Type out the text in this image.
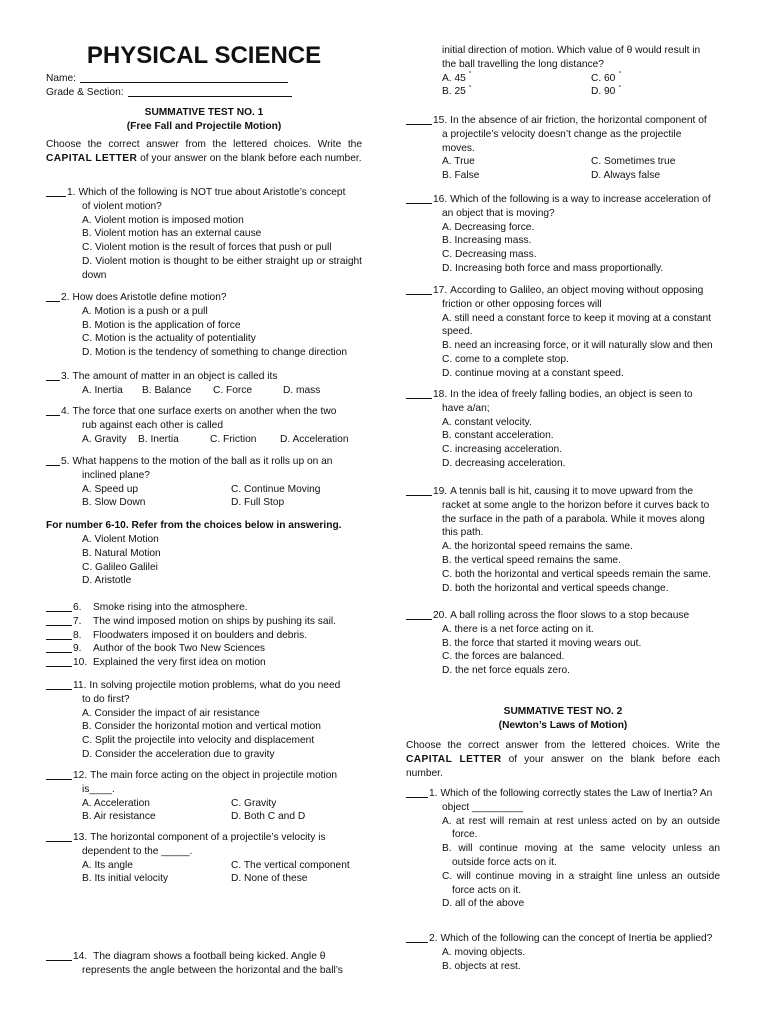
PHYSICAL SCIENCE
Name:
Grade & Section:
SUMMATIVE TEST NO. 1
(Free Fall and Projectile Motion)
Choose the correct answer from the lettered choices. Write the CAPITAL LETTER of your answer on the blank before each number.
1. Which of the following is NOT true about Aristotle’s concept
of violent motion?
A. Violent motion is imposed motion
B. Violent motion has an external cause
C. Violent motion is the result of forces that push or pull
D. Violent motion is thought to be either straight up or straight down
2. How does Aristotle define motion?
A. Motion is a push or a pull
B. Motion is the application of force
C. Motion is the actuality of potentiality
D. Motion is the tendency of something to change direction
3. The amount of matter in an object is called its
A. Inertia	B. Balance	C. Force	D. mass
4. The force that one surface exerts on another when the two
rub against each other is called
A. Gravity	B. Inertia	C. Friction	D. Acceleration
5. What happens to the motion of the ball as it rolls up on an
inclined plane?
A. Speed up	C. Continue Moving
B. Slow Down	D. Full Stop
For number 6-10. Refer from the choices below in answering.
A. Violent Motion
B. Natural Motion
C. Galileo Galilei
D. Aristotle
6.	Smoke rising into the atmosphere.
7.	The wind imposed motion on ships by pushing its sail.
8.	Floodwaters imposed it on boulders and debris.
9.	Author of the book Two New Sciences
10. Explained the very first idea on motion
11. In solving projectile motion problems, what do you need
to do first?
A. Consider the impact of air resistance
B. Consider the horizontal motion and vertical motion
C. Split the projectile into velocity and displacement
D. Consider the acceleration due to gravity
12. The main force acting on the object in projectile motion
is____.
A. Acceleration	C. Gravity
B. Air resistance	D. Both C and D
13. The horizontal component of a projectile’s velocity is
dependent to the _____.
A. Its angle	C. The vertical component
B. Its initial velocity	D. None of these
14. The diagram shows a football being kicked. Angle θ
represents the angle between the horizontal and the ball’s
initial direction of motion. Which value of θ would result in
the ball travelling the long distance?
A. 45 °	C. 60 °
B. 25 °	D. 90 °
15. In the absence of air friction, the horizontal component of
a projectile’s velocity doesn’t change as the projectile
moves.
A. True	C. Sometimes true
B. False	D. Always false
16. Which of the following is a way to increase acceleration of
an object that is moving?
A. Decreasing force.
B. Increasing mass.
C. Decreasing mass.
D. Increasing both force and mass proportionally.
17. According to Galileo, an object moving without opposing
friction or other opposing forces will
A. still need a constant force to keep it moving at a constant speed.
B. need an increasing force, or it will naturally slow and then
C. come to a complete stop.
D. continue moving at a constant speed.
18. In the idea of freely falling bodies, an object is seen to
have a/an;
A. constant velocity.
B. constant acceleration.
C. increasing acceleration.
D. decreasing acceleration.
19. A tennis ball is hit, causing it to move upward from the
racket at some angle to the horizon before it curves back to
the surface in the path of a parabola. While it moves along
this path.
A. the horizontal speed remains the same.
B. the vertical speed remains the same.
C. both the horizontal and vertical speeds remain the same.
D. both the horizontal and vertical speeds change.
20. A ball rolling across the floor slows to a stop because
A. there is a net force acting on it.
B. the force that started it moving wears out.
C. the forces are balanced.
D. the net force equals zero.
SUMMATIVE TEST NO. 2
(Newton’s Laws of Motion)
Choose the correct answer from the lettered choices. Write the CAPITAL LETTER of your answer on the blank before each number.
1. Which of the following correctly states the Law of Inertia? An
object _________
A. at rest will remain at rest unless acted on by an outside force.
B. will continue moving at the same velocity unless an outside force acts on it.
C. will continue moving in a straight line unless an outside force acts on it.
D. all of the above
2. Which of the following can the concept of Inertia be applied?
A. moving objects.
B. objects at rest.
